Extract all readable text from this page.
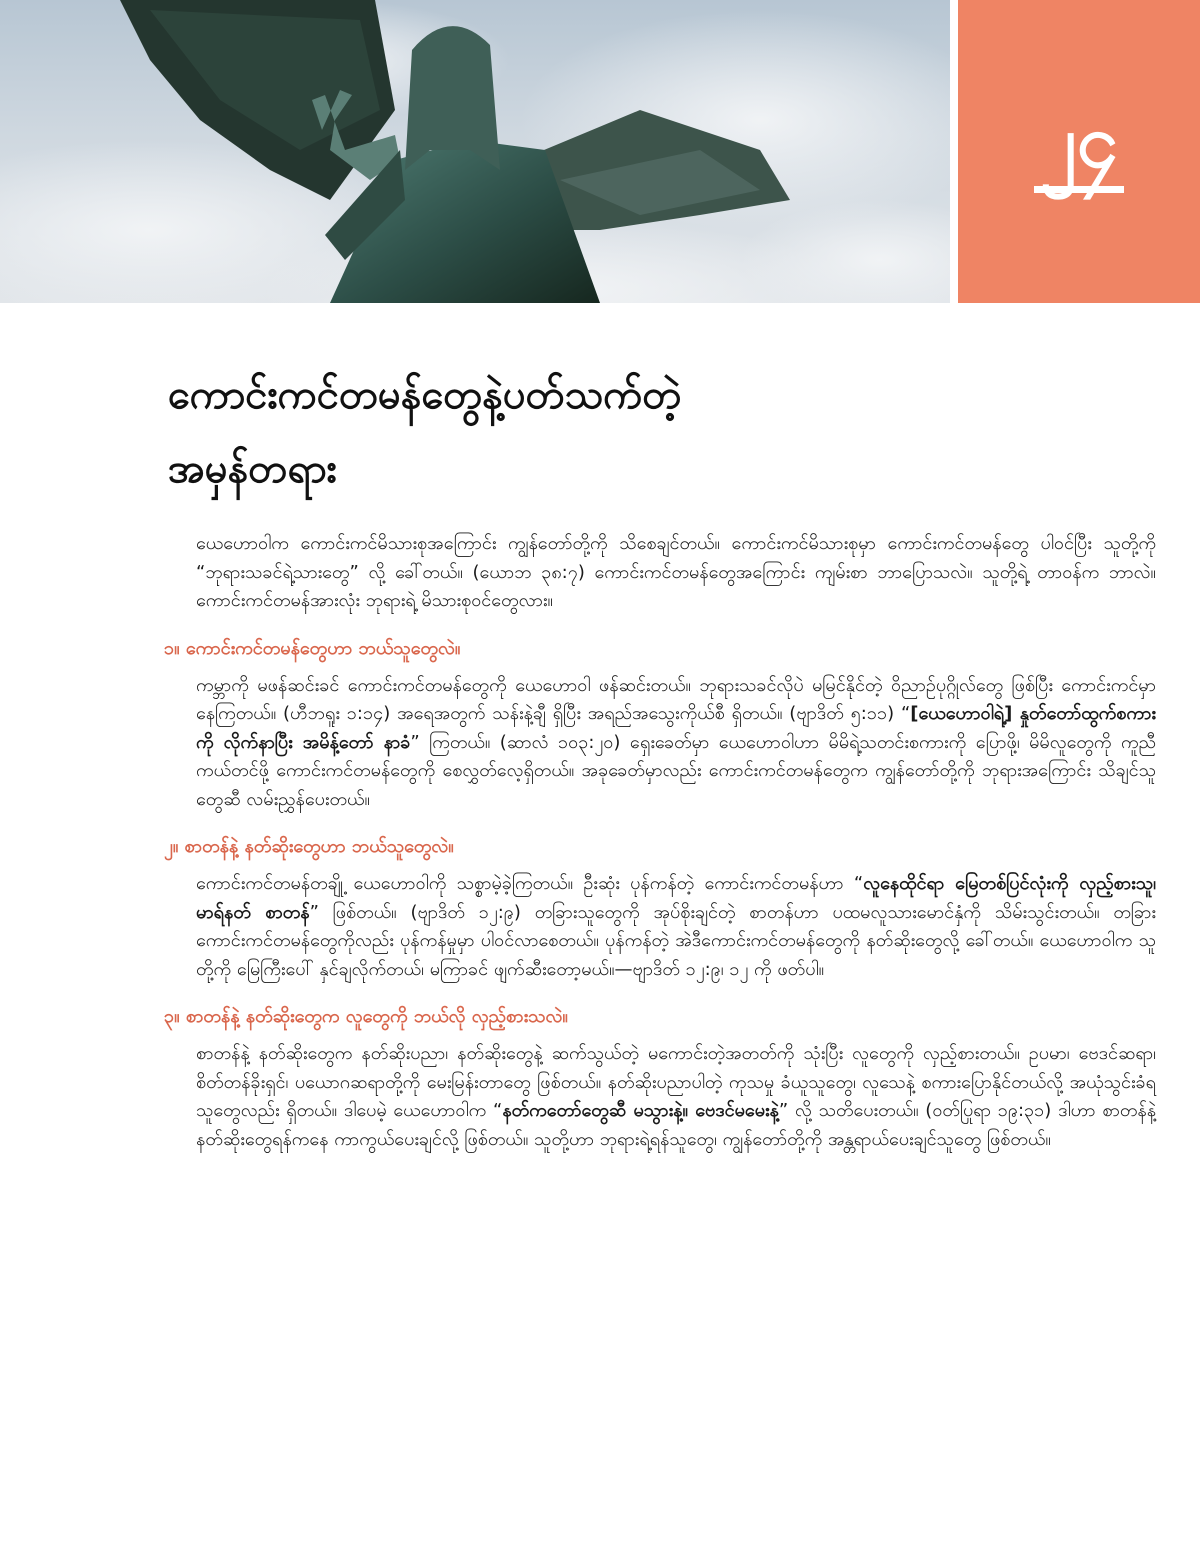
၂၄
ကောင်းကင်တမန်တွေနဲ့ပတ်သက်တဲ့
အမှန်တရား

ယေဟောဝါက ကောင်းကင်မိသားစုအကြောင်း ကျွန်တော်တို့ကို သိစေချင်တယ်။ ကောင်းကင်မိသားစုမှာ ကောင်းကင်တမန်တွေ ပါဝင်ပြီး သူတို့ကို “ဘုရားသခင်ရဲ့သားတွေ” လို့ ခေါ်တယ်။ (ယောဘ ၃၈:၇) ကောင်းကင်တမန်တွေအကြောင်း ကျမ်းစာ ဘာပြောသလဲ။ သူတို့ရဲ့ တာဝန်က ဘာလဲ။ ကောင်းကင်တမန်အားလုံး ဘုရားရဲ့ မိသားစုဝင်တွေလား။

၁။ ကောင်းကင်တမန်တွေဟာ ဘယ်သူတွေလဲ။

ကမ္ဘာကို မဖန်ဆင်းခင် ကောင်းကင်တမန်တွေကို ယေဟောဝါ ဖန်ဆင်းတယ်။ ဘုရားသခင်လိုပဲ မမြင်နိုင်တဲ့ ဝိညာဉ်ပုဂ္ဂိုလ်တွေ ဖြစ်ပြီး ကောင်းကင်မှာ နေကြတယ်။ (ဟီဘရူး ၁:၁၄) အရေအတွက် သန်းနဲ့ချီ ရှိပြီး အရည်အသွေးကိုယ်စီ ရှိတယ်။ (ဗျာဒိတ် ၅:၁၁) “[ယေဟောဝါရဲ့] နှုတ်တော်ထွက်စကားကို လိုက်နာပြီး အမိန့်တော် နာခံ” ကြတယ်။ (ဆာလံ ၁၀၃:၂၀) ရှေးခေတ်မှာ ယေဟောဝါဟာ မိမိရဲ့သတင်းစကားကို ပြောဖို့၊ မိမိလူတွေကို ကူညီကယ်တင်ဖို့ ကောင်းကင်တမန်တွေကို စေလွှတ်လေ့ရှိတယ်။ အခုခေတ်မှာလည်း ကောင်းကင်တမန်တွေက ကျွန်တော်တို့ကို ဘုရားအကြောင်း သိချင်သူတွေဆီ လမ်းညွှန်ပေးတယ်။

၂။ စာတန်နဲ့ နတ်ဆိုးတွေဟာ ဘယ်သူတွေလဲ။

ကောင်းကင်တမန်တချို့ ယေဟောဝါကို သစ္စာမဲ့ခဲ့ကြတယ်။ ဦးဆုံး ပုန်ကန်တဲ့ ကောင်းကင်တမန်ဟာ “လူနေထိုင်ရာ မြေတစ်ပြင်လုံးကို လှည့်စားသူ၊ မာရ်နတ် စာတန်” ဖြစ်တယ်။ (ဗျာဒိတ် ၁၂:၉) တခြားသူတွေကို အုပ်စိုးချင်တဲ့ စာတန်ဟာ ပထမလူသားမောင်နှံကို သိမ်းသွင်းတယ်။ တခြားကောင်းကင်တမန်တွေကိုလည်း ပုန်ကန်မှုမှာ ပါဝင်လာစေတယ်။ ပုန်ကန်တဲ့ အဲဒီကောင်းကင်တမန်တွေကို နတ်ဆိုးတွေလို့ ခေါ်တယ်။ ယေဟောဝါက သူတို့ကို မြေကြီးပေါ် နှင်ချလိုက်တယ်၊ မကြာခင် ဖျက်ဆီးတော့မယ်။—ဗျာဒိတ် ၁၂:၉၊ ၁၂ ကို ဖတ်ပါ။

၃။ စာတန်နဲ့ နတ်ဆိုးတွေက လူတွေကို ဘယ်လို လှည့်စားသလဲ။

စာတန်နဲ့ နတ်ဆိုးတွေက နတ်ဆိုးပညာ၊ နတ်ဆိုးတွေနဲ့ ဆက်သွယ်တဲ့ မကောင်းတဲ့အတတ်ကို သုံးပြီး လူတွေကို လှည့်စားတယ်။ ဥပမာ၊ ဗေဒင်ဆရာ၊ စိတ်တန်ခိုးရှင်၊ ပယောဂဆရာတို့ကို မေးမြန်းတာတွေ ဖြစ်တယ်။ နတ်ဆိုးပညာပါတဲ့ ကုသမှု ခံယူသူတွေ၊ လူသေနဲ့ စကားပြောနိုင်တယ်လို့ အယုံသွင်းခံရသူတွေလည်း ရှိတယ်။ ဒါပေမဲ့ ယေဟောဝါက “နတ်ကတော်တွေဆီ မသွားနဲ့။ ဗေဒင်မမေးနဲ့” လို့ သတိပေးတယ်။ (ဝတ်ပြုရာ ၁၉:၃၁) ဒါဟာ စာတန်နဲ့ နတ်ဆိုးတွေရန်ကနေ ကာကွယ်ပေးချင်လို့ ဖြစ်တယ်။ သူတို့ဟာ ဘုရားရဲ့ရန်သူတွေ၊ ကျွန်တော်တို့ကို အန္တရာယ်ပေးချင်သူတွေ ဖြစ်တယ်။
